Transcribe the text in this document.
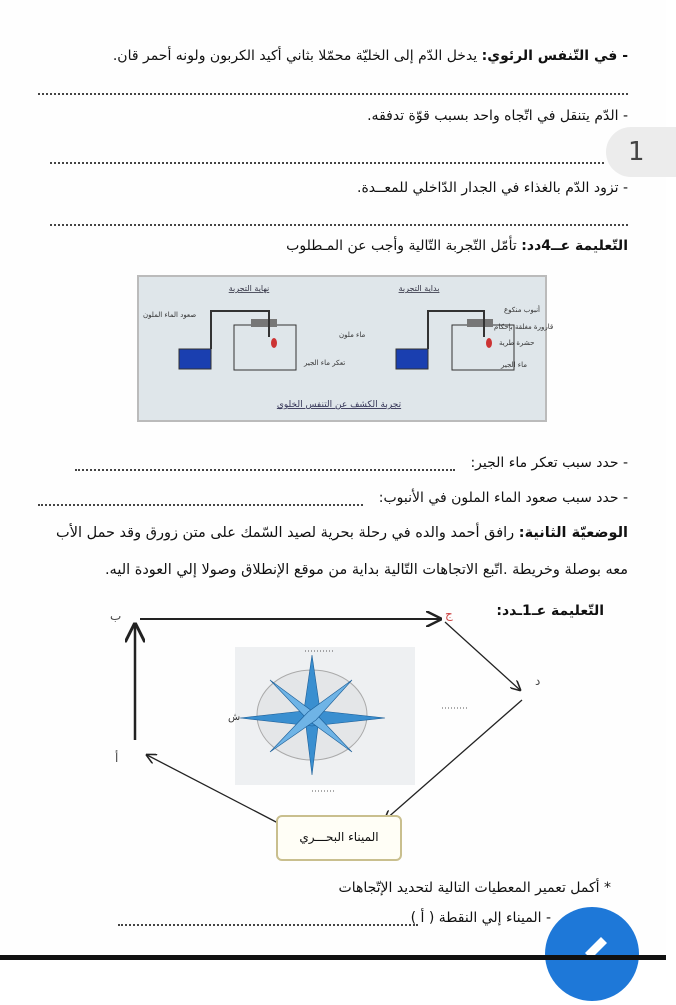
- في التّنفس الرئوي: يدخل الدّم إلى الخليّة محمّلا بثاني أكيد الكربون ولونه أحمر قان.
- الدّم يتنقل في اتّجاه واحد بسبب قوّة تدفقه.
1
- تزود الدّم بالغذاء في الجدار الدّاخلي للمعــدة.
التّعليمة عــ4دد: تأمّل التّجربة التّالية وأجب عن المـطلوب
نهاية التجربة	بداية التجربة
صعود الماء الملون
ماء ملون
تعكر ماء الجير
أنبوب منكوع
قارورة مغلقة بإحكام
حشرة طرية
ماء الجير
تجربة الكشف عن التنفس الخلوي
- حدد سبب تعكر ماء الجير:
- حدد سبب صعود الماء الملون في الأنبوب:
الوضعيّة الثانية: رافق أحمد والده في رحلة بحرية لصيد السّمك على متن زورق وقد حمل الأب
معه بوصلة وخريطة .اتّبع الاتجاهات التّالية بداية من موقع الإنطلاق وصولا إلي العودة اليه.
التّعليمة عـ1ـدد:
ب	ج
د
أ
ش
الميناء البحـــري
* أكمل تعمير المعطيات التالية لتحديد الإتّجاهات
- الميناء إلي النقطة ( أ )
